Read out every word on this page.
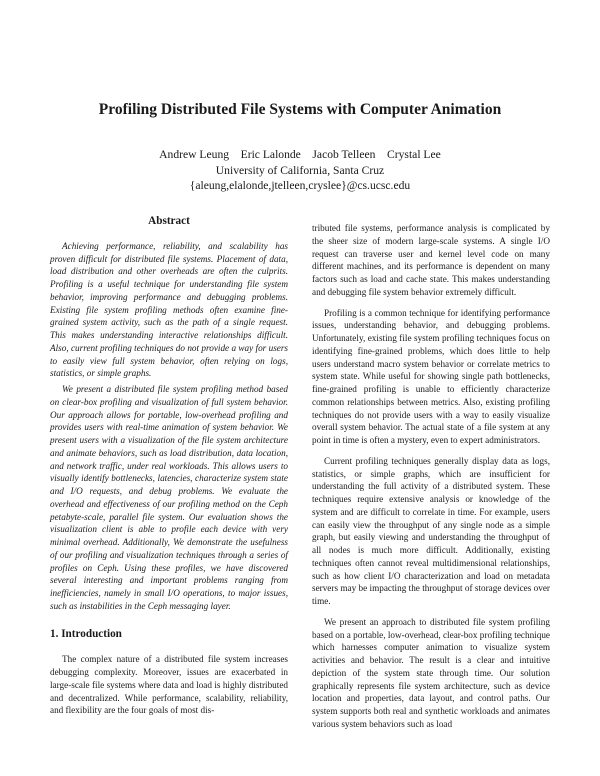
Profiling Distributed File Systems with Computer Animation
Andrew Leung    Eric Lalonde    Jacob Telleen    Crystal Lee
University of California, Santa Cruz
{aleung,elalonde,jtelleen,cryslee}@cs.ucsc.edu
Abstract

Achieving performance, reliability, and scalability has proven difficult for distributed file systems. Placement of data, load distribution and other overheads are often the culprits. Profiling is a useful technique for understanding file system behavior, improving performance and debugging problems. Existing file system profiling methods often examine fine-grained system activity, such as the path of a single request. This makes understanding interactive relationships difficult. Also, current profiling techniques do not provide a way for users to easily view full system behavior, often relying on logs, statistics, or simple graphs.

We present a distributed file system profiling method based on clear-box profiling and visualization of full system behavior. Our approach allows for portable, low-overhead profiling and provides users with real-time animation of system behavior. We present users with a visualization of the file system architecture and animate behaviors, such as load distribution, data location, and network traffic, under real workloads. This allows users to visually identify bottlenecks, latencies, characterize system state and I/O requests, and debug problems. We evaluate the overhead and effectiveness of our profiling method on the Ceph petabyte-scale, parallel file system. Our evaluation shows the visualization client is able to profile each device with very minimal overhead. Additionally, We demonstrate the usefulness of our profiling and visualization techniques through a series of profiles on Ceph. Using these profiles, we have discovered several interesting and important problems ranging from inefficiencies, namely in small I/O operations, to major issues, such as instabilities in the Ceph messaging layer.

1. Introduction

The complex nature of a distributed file system increases debugging complexity. Moreover, issues are exacerbated in large-scale file systems where data and load is highly distributed and decentralized. While performance, scalability, reliability, and flexibility are the four goals of most dis-

tributed file systems, performance analysis is complicated by the sheer size of modern large-scale systems. A single I/O request can traverse user and kernel level code on many different machines, and its performance is dependent on many factors such as load and cache state. This makes understanding and debugging file system behavior extremely difficult.

Profiling is a common technique for identifying performance issues, understanding behavior, and debugging problems. Unfortunately, existing file system profiling techniques focus on identifying fine-grained problems, which does little to help users understand macro system behavior or correlate metrics to system state. While useful for showing single path bottlenecks, fine-grained profiling is unable to efficiently characterize common relationships between metrics. Also, existing profiling techniques do not provide users with a way to easily visualize overall system behavior. The actual state of a file system at any point in time is often a mystery, even to expert administrators.

Current profiling techniques generally display data as logs, statistics, or simple graphs, which are insufficient for understanding the full activity of a distributed system. These techniques require extensive analysis or knowledge of the system and are difficult to correlate in time. For example, users can easily view the throughput of any single node as a simple graph, but easily viewing and understanding the throughput of all nodes is much more difficult. Additionally, existing techniques often cannot reveal multidimensional relationships, such as how client I/O characterization and load on metadata servers may be impacting the throughput of storage devices over time.

We present an approach to distributed file system profiling based on a portable, low-overhead, clear-box profiling technique which harnesses computer animation to visualize system activities and behavior. The result is a clear and intuitive depiction of the system state through time. Our solution graphically represents file system architecture, such as device location and properties, data layout, and control paths. Our system supports both real and synthetic workloads and animates various system behaviors such as load
